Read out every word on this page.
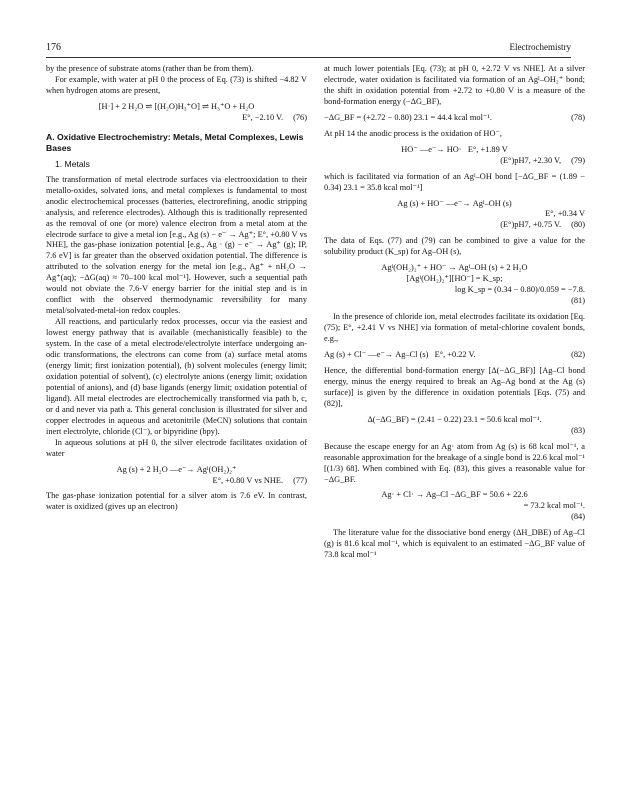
176	Electrochemistry

by the presence of substrate atoms (rather than be from them).

For example, with water at pH 0 the process of Eq. (73) is shifted −4.82 V when hydrogen atoms are present,

[H·] + 2 H₂O
⇌
[(H₂O)H₃⁺O] ⇌ H₃⁺O + H₂O
E°, −2.10 V. (76)
A. Oxidative Electrochemistry: Metals, Metal Complexes, Lewis Bases
1. Metals

The transformation of metal electrode surfaces via electrooxidation to their metallo-oxides, solvated ions, and metal complexes is fundamental to most anodic electrochemical processes (batteries, electrorefining, anodic stripping analysis, and reference electrodes). Although this is traditionally represented as the removal of one (or more) valence electron from a metal atom at the electrode surface to give a metal ion [e.g., Ag (s) − e⁻ → Ag⁺; E°, +0.80 V vs NHE], the gas-phase ionization potential [e.g., Ag · (g) − e⁻ → Ag⁺ (g); IP, 7.6 eV] is far greater than the observed oxidation potential. The difference is attributed to the solvation energy for the metal ion [e.g., Ag⁺ + nH₂O → Ag⁺(aq); −ΔG(aq) ≈ 70–100 kcal mol⁻¹]. However, such a sequential path would not obviate the 7.6-V energy barrier for the initial step and is in conflict with the observed thermodynamic reversibility for many metal/solvated-metal-ion redox couples.

All reactions, and particularly redox processes, occur via the easiest and lowest energy pathway that is available (mechanistically feasible) to the system. In the case of a metal electrode/electrolyte interface undergoing an-odic transformations, the electrons can come from (a) surface metal atoms (energy limit; first ionization potential), (b) solvent molecules (energy limit; oxidation potential of solvent), (c) electrolyte anions (energy limit; oxidation potential of anions), and (d) base ligands (energy limit; oxidation potential of ligand). All metal electrodes are electrochemically transformed via path b, c, or d and never via path a. This general conclusion is illustrated for silver and copper electrodes in aqueous and acetonitrile (MeCN) solutions that contain inert electrolyte, chloride (Cl⁻), or bipyridine (bpy).

In aqueous solutions at pH 0, the silver electrode facilitates oxidation of water

Ag (s) + 2 H₂O
—e⁻→
Agᴵ(OH₂)₂⁺
E°, +0.80 V vs NHE. (77)

The gas-phase ionization potential for a silver atom is 7.6 eV. In contrast, water is oxidized (gives up an electron)

at much lower potentials [Eq. (73); at pH 0, +2.72 V vs NHE]. At a silver electrode, water oxidation is facilitated via formation of an Agᴵ–OH₂⁺ bond; the shift in oxidation potential from +2.72 to +0.80 V is a measure of the bond-formation energy (−ΔG_BF),

−ΔG_BF = (+2.72 − 0.80) 23.1 = 44.4 kcal mol⁻¹.	(78)

At pH 14 the anodic process is the oxidation of HO⁻,

HO⁻
—e⁻→
HO·
E°, +1.89 V
(E°)pH7, +2.30 V, (79)

which is facilitated via formation of an Agᴵ–OH bond [−ΔG_BF = (1.89 − 0.34) 23.1 = 35.8 kcal mol⁻¹]

Ag (s) + HO⁻
—e⁻→
Agᴵ–OH (s)
E°, +0.34 V
(E°)pH7, +0.75 V. (80)

The data of Eqs. (77) and (79) can be combined to give a value for the solubility product (K_sp) for Ag–OH (s),

Agᴵ(OH₂)₂⁺ + HO⁻ → Agᴵ–OH (s) + 2 H₂O
[Agᴵ(OH₂)₂⁺][HO⁻] = K_sp;
log K_sp = (0.34 − 0.80)/0.059 = −7.8.
(81)

In the presence of chloride ion, metal electrodes facilitate its oxidation [Eq. (75); E°, +2.41 V vs NHE] via formation of metal-chlorine covalent bonds, e.g.,

Ag (s) + Cl⁻ —e⁻→ Ag–Cl (s) E°, +0.22 V.	(82)

Hence, the differential bond-formation energy [Δ(−ΔG_BF)] [Ag–Cl bond energy, minus the energy required to break an Ag–Ag bond at the Ag (s) surface)] is given by the difference in oxidation potentials [Eqs. (75) and (82)],

Δ(−ΔG_BF) = (2.41 − 0.22) 23.1 = 50.6 kcal mol⁻¹.
(83)

Because the escape energy for an Ag· atom from Ag (s) is 68 kcal mol⁻¹, a reasonable approximation for the breakage of a single bond is 22.6 kcal mol⁻¹ [(1/3) 68]. When combined with Eq. (83), this gives a reasonable value for −ΔG_BF.

Ag· + Cl· → Ag–Cl −ΔG_BF = 50.6 + 22.6
= 73.2 kcal mol⁻¹.
(84)

The literature value for the dissociative bond energy (ΔH_DBE) of Ag–Cl (g) is 81.6 kcal mol⁻¹, which is equivalent to an estimated −ΔG_BF value of 73.8 kcal mol⁻¹
